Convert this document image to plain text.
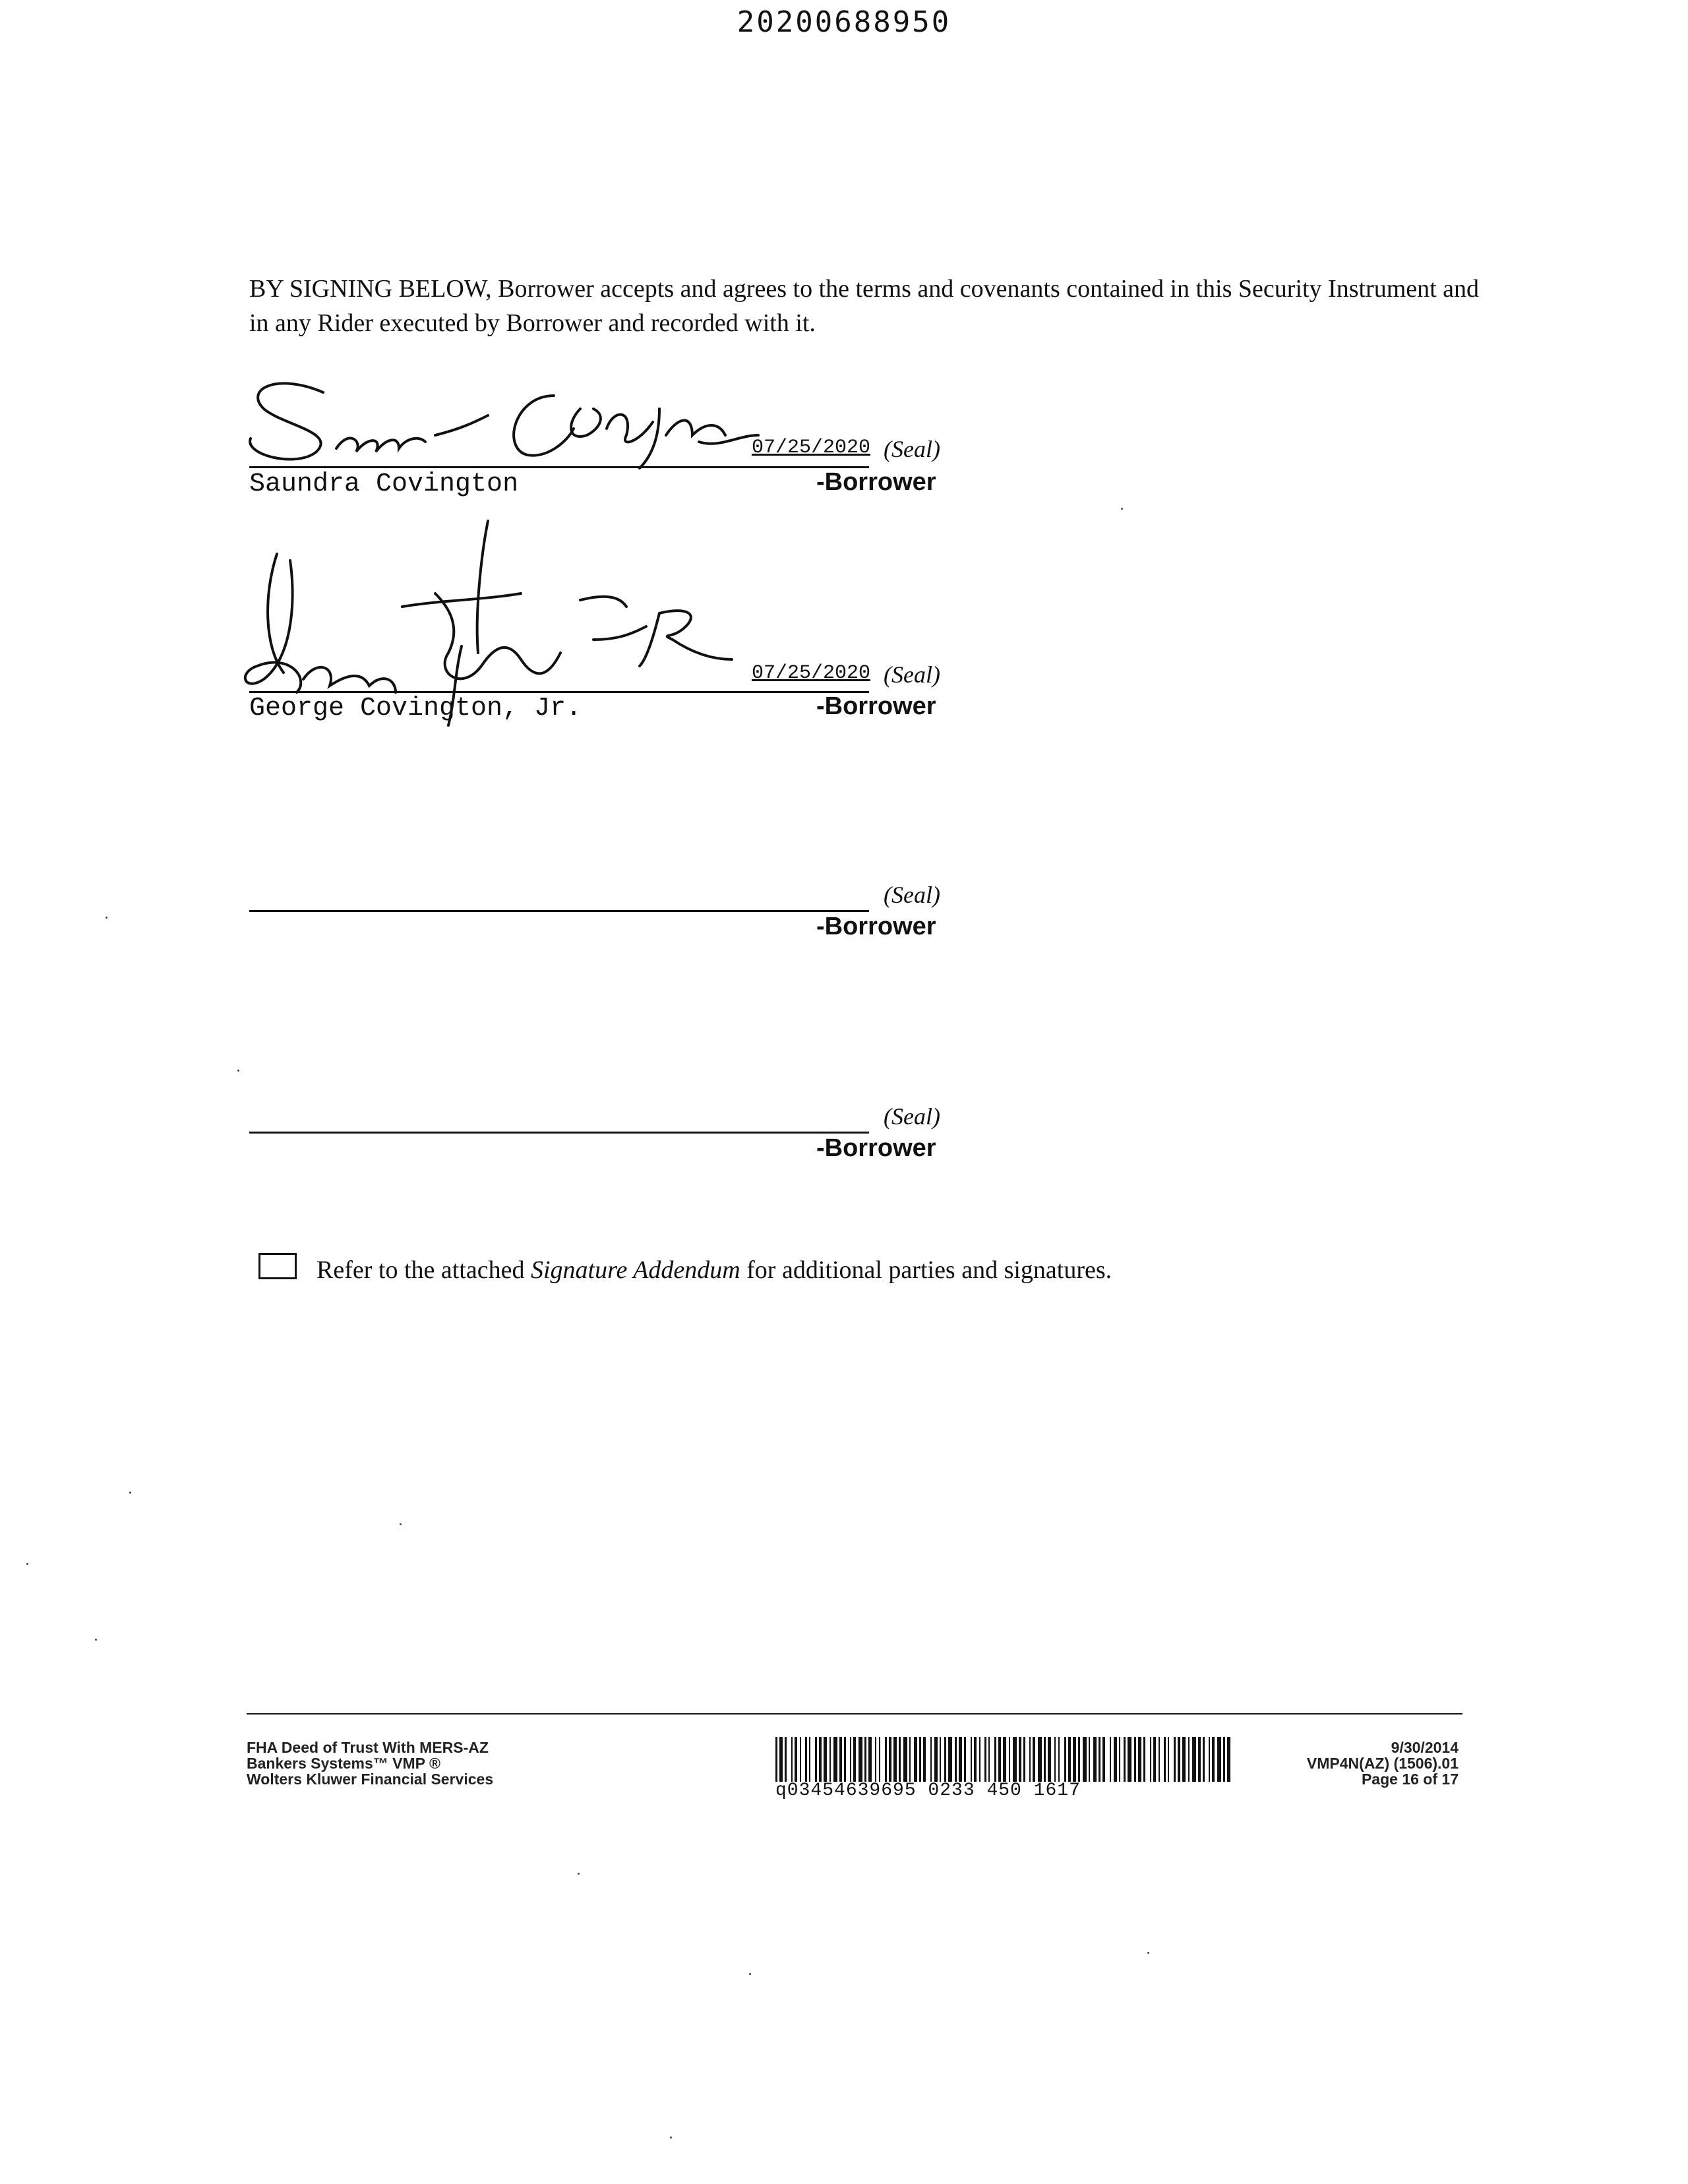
20200688950
BY SIGNING BELOW, Borrower accepts and agrees to the terms and covenants contained in this Security Instrument and in any Rider executed by Borrower and recorded with it.
07/25/2020 (Seal)
Saundra Covington	-Borrower
07/25/2020 (Seal)
George Covington, Jr.	-Borrower
(Seal)
-Borrower
(Seal)
-Borrower
Refer to the attached Signature Addendum for additional parties and signatures.
FHA Deed of Trust With MERS-AZ
Bankers Systems™ VMP ®
Wolters Kluwer Financial Services
q03454639695 0233 450 1617
9/30/2014
VMP4N(AZ) (1506).01
Page 16 of 17
